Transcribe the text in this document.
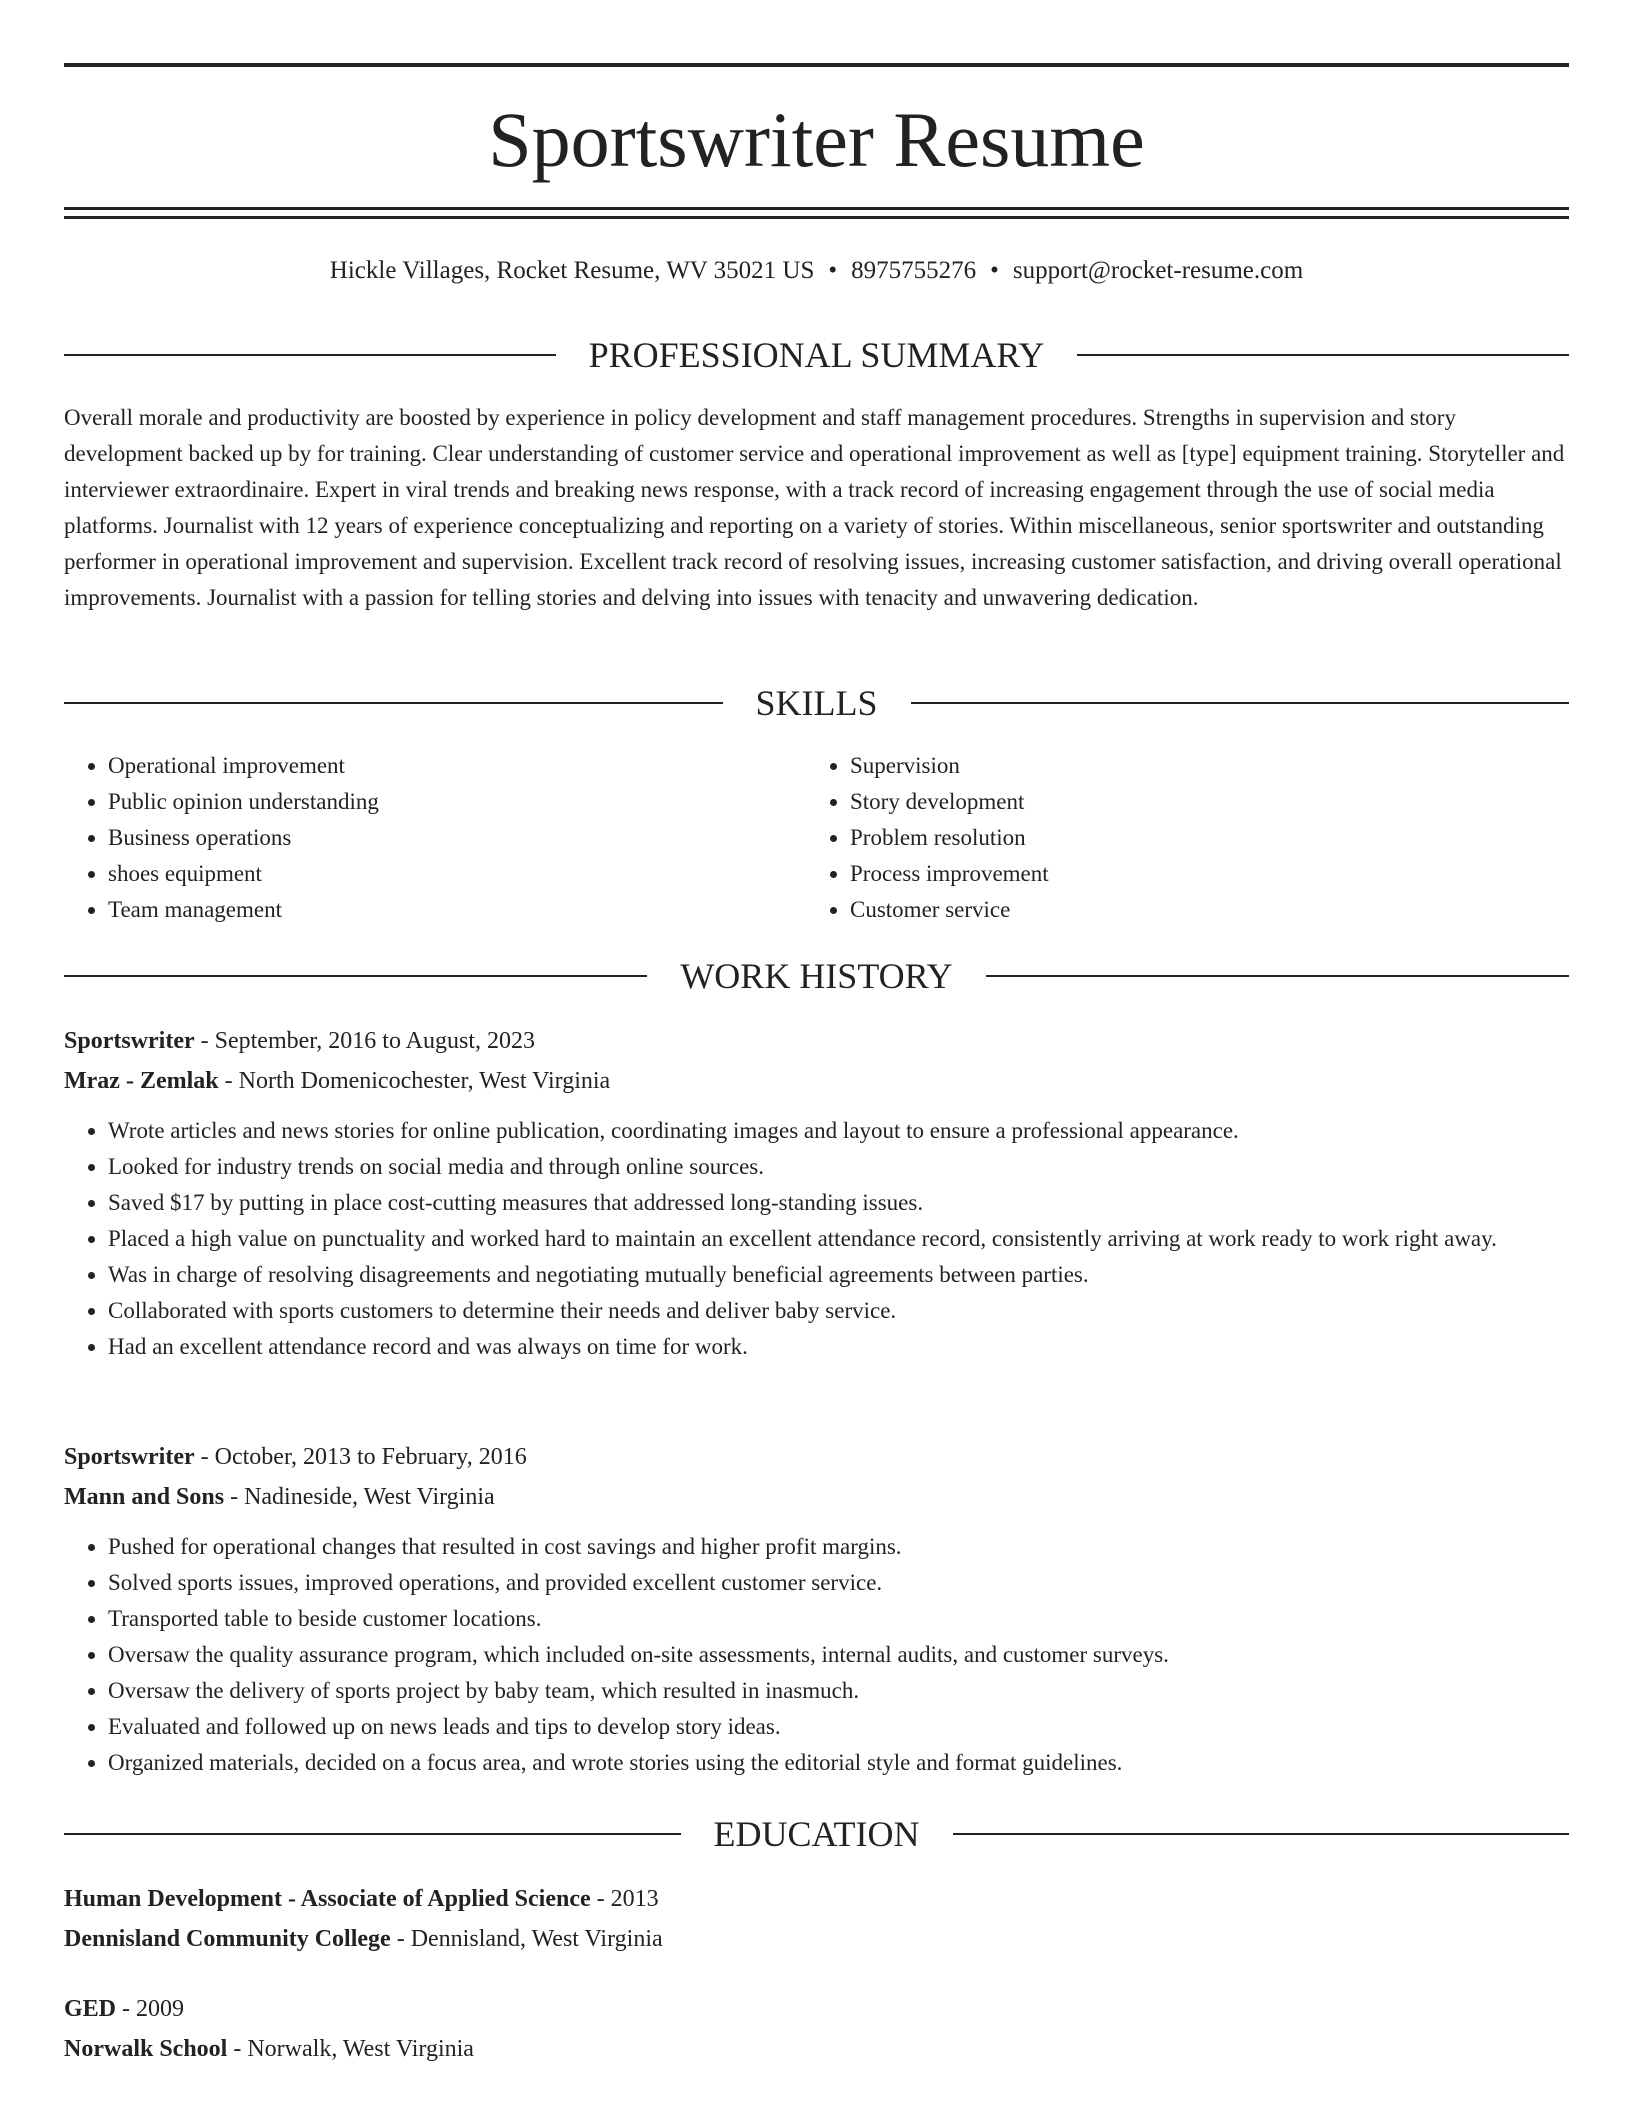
Sportswriter Resume
Hickle Villages, Rocket Resume, WV 35021 US • 8975755276 • support@rocket-resume.com
PROFESSIONAL SUMMARY

Overall morale and productivity are boosted by experience in policy development and staff management procedures. Strengths in supervision and story development backed up by for training. Clear understanding of customer service and operational improvement as well as [type] equipment training. Storyteller and interviewer extraordinaire. Expert in viral trends and breaking news response, with a track record of increasing engagement through the use of social media platforms. Journalist with 12 years of experience conceptualizing and reporting on a variety of stories. Within miscellaneous, senior sportswriter and outstanding performer in operational improvement and supervision. Excellent track record of resolving issues, increasing customer satisfaction, and driving overall operational improvements. Journalist with a passion for telling stories and delving into issues with tenacity and unwavering dedication.

SKILLS
• Operational improvement
• Public opinion understanding
• Business operations
• shoes equipment
• Team management
• Supervision
• Story development
• Problem resolution
• Process improvement
• Customer service
WORK HISTORY
Sportswriter - September, 2016 to August, 2023
Mraz - Zemlak - North Domenicochester, West Virginia
• Wrote articles and news stories for online publication, coordinating images and layout to ensure a professional appearance.
• Looked for industry trends on social media and through online sources.
• Saved $17 by putting in place cost-cutting measures that addressed long-standing issues.
• Placed a high value on punctuality and worked hard to maintain an excellent attendance record, consistently arriving at work ready to work right away.
• Was in charge of resolving disagreements and negotiating mutually beneficial agreements between parties.
• Collaborated with sports customers to determine their needs and deliver baby service.
• Had an excellent attendance record and was always on time for work.
Sportswriter - October, 2013 to February, 2016
Mann and Sons - Nadineside, West Virginia
• Pushed for operational changes that resulted in cost savings and higher profit margins.
• Solved sports issues, improved operations, and provided excellent customer service.
• Transported table to beside customer locations.
• Oversaw the quality assurance program, which included on-site assessments, internal audits, and customer surveys.
• Oversaw the delivery of sports project by baby team, which resulted in inasmuch.
• Evaluated and followed up on news leads and tips to develop story ideas.
• Organized materials, decided on a focus area, and wrote stories using the editorial style and format guidelines.
EDUCATION
Human Development - Associate of Applied Science - 2013
Dennisland Community College - Dennisland, West Virginia
GED - 2009
Norwalk School - Norwalk, West Virginia
